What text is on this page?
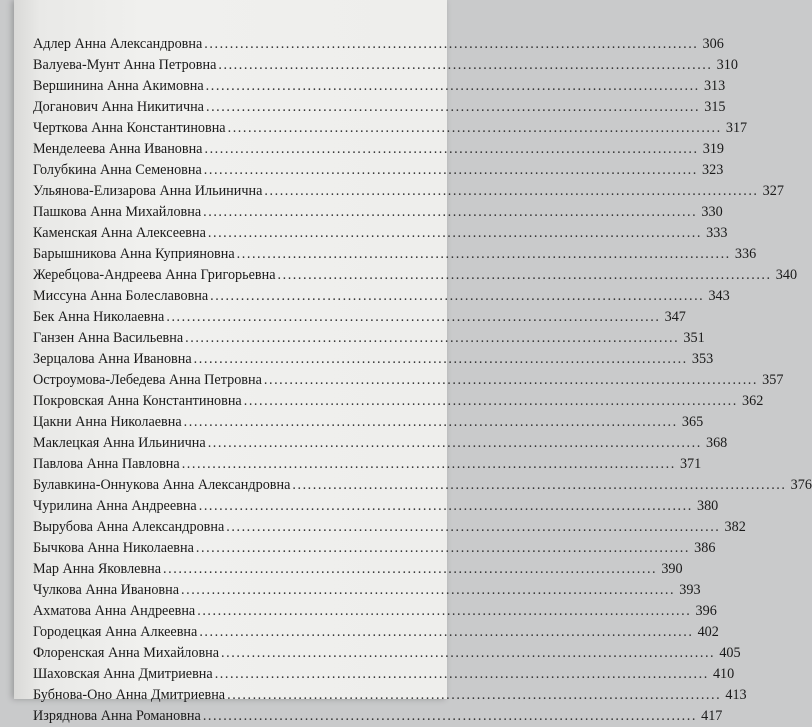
Адлер Анна Александровна . . .	306
Валуева-Мунт Анна Петровна . . .	310
Вершинина Анна Акимовна . . .	313
Доганович Анна Никитична . . .	315
Черткова Анна Константиновна . . .	317
Менделеева Анна Ивановна . . .	319
Голубкина Анна Семеновна . . .	323
Ульянова-Елизарова Анна Ильинична . . .	327
Пашкова Анна Михайловна . . .	330
Каменская Анна Алексеевна . . .	333
Барышникова Анна Куприяновна . . .	336
Жеребцова-Андреева Анна Григорьевна . . .	340
Миссуна Анна Болеславовна . . .	343
Бек Анна Николаевна . . .	347
Ганзен Анна Васильевна . . .	351
Зерцалова Анна Ивановна . . .	353
Остроумова-Лебедева Анна Петровна . . .	357
Покровская Анна Константиновна . . .	362
Цакни Анна Николаевна . . .	365
Маклецкая Анна Ильинична . . .	368
Павлова Анна Павловна . . .	371
Булавкина-Оннукова Анна Александровна . . .	376
Чурилина Анна Андреевна . . .	380
Вырубова Анна Александровна . . .	382
Бычкова Анна Николаевна . . .	386
Мар Анна Яковлевна . . .	390
Чулкова Анна Ивановна . . .	393
Ахматова Анна Андреевна . . .	396
Городецкая Анна Алкеевна . . .	402
Флоренская Анна Михайловна . . .	405
Шаховская Анна Дмитриевна . . .	410
Бубнова-Оно Анна Дмитриевна . . .	413
Изряднова Анна Романовна . . .	417
